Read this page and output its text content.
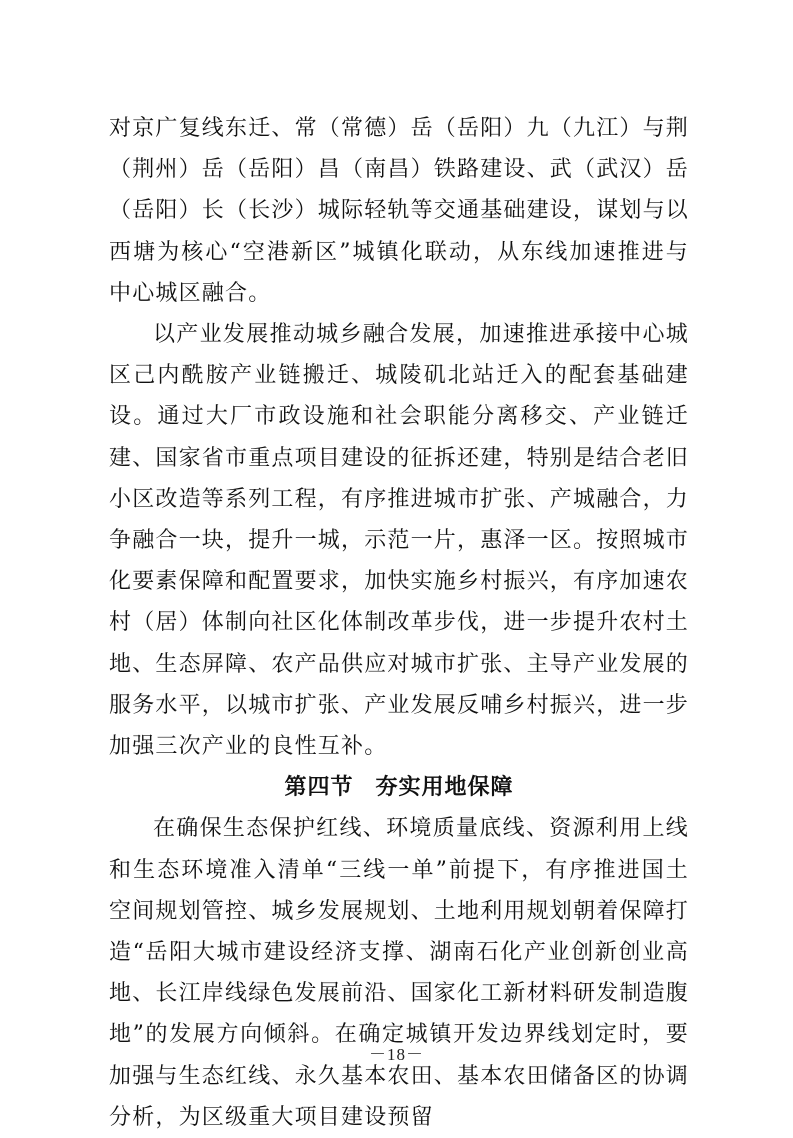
对京广复线东迁、常（常德）岳（岳阳）九（九江）与荆（荆州）岳（岳阳）昌（南昌）铁路建设、武（武汉）岳（岳阳）长（长沙）城际轻轨等交通基础建设，谋划与以西塘为核心“空港新区”城镇化联动，从东线加速推进与中心城区融合。

以产业发展推动城乡融合发展，加速推进承接中心城区己内酰胺产业链搬迁、城陵矶北站迁入的配套基础建设。通过大厂市政设施和社会职能分离移交、产业链迁建、国家省市重点项目建设的征拆还建，特别是结合老旧小区改造等系列工程，有序推进城市扩张、产城融合，力争融合一块，提升一城，示范一片，惠泽一区。按照城市化要素保障和配置要求，加快实施乡村振兴，有序加速农村（居）体制向社区化体制改革步伐，进一步提升农村土地、生态屏障、农产品供应对城市扩张、主导产业发展的服务水平，以城市扩张、产业发展反哺乡村振兴，进一步加强三次产业的良性互补。

第四节 夯实用地保障

在确保生态保护红线、环境质量底线、资源利用上线和生态环境准入清单“三线一单”前提下，有序推进国土空间规划管控、城乡发展规划、土地利用规划朝着保障打造“岳阳大城市建设经济支撑、湖南石化产业创新创业高地、长江岸线绿色发展前沿、国家化工新材料研发制造腹地”的发展方向倾斜。在确定城镇开发边界线划定时，要加强与生态红线、永久基本农田、基本农田储备区的协调分析，为区级重大项目建设预留

－18－
